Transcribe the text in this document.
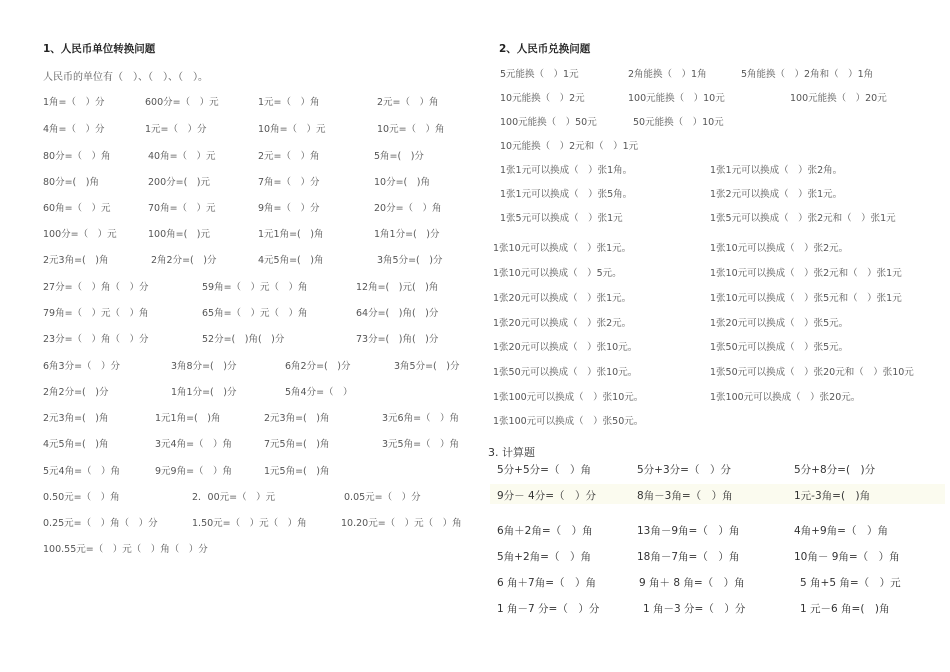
1、人民币单位转换问题
人民币的单位有（　）、（　）、（　）。
1角=（　）分	600分=（　）元	1元=（　）角	2元=（　）角
4角=（　）分	1元=（　）分	10角=（　）元	10元=（　）角
80分=（　）角	40角=（　）元	2元=（　）角	5角=(　)分
80分=(　)角	200分=(　)元	7角=（　）分	10分=(　)角
60角=（　）元	70角=（　）元	9角=（　）分	20分=（　）角
100分=（　）元	100角=(　)元	1元1角=(　)角	1角1分=(　)分
2元3角=(　)角	2角2分=(　)分	4元5角=(　)角	3角5分=(　)分
27分=（　）角（　）分	59角=（　）元（　）角	12角=(　)元(　)角
79角=（　）元（　）角	65角=（　）元（　）角	64分=(　)角(　)分
23分=（　）角（　）分	52分=(　)角(　)分	73分=(　)角(　)分
6角3分=（　）分	3角8分=(　)分	6角2分=(　)分	3角5分=(　)分
2角2分=(　)分	1角1分=(　)分	5角4分=（　）
2元3角=(　)角	1元1角=(　)角	2元3角=(　)角	3元6角=（　）角
4元5角=(　)角	3元4角=（　）角	7元5角=(　)角	3元5角=（　）角
5元4角=（　）角	9元9角=（　）角	1元5角=(　)角
0.50元=（　）角	2．00元=（　）元	0.05元=（　）分
0.25元=（　）角（　）分	1.50元=（　）元（　）角	10.20元=（　）元（　）角
100.55元=（　）元（　）角（　）分
2、人民币兑换问题
5元能换（　）1元	2角能换（　）1角	5角能换（　）2角和（　）1角
10元能换（　）2元	100元能换（　）10元	100元能换（　）20元
100元能换（　）50元	50元能换（　）10元
10元能换（　）2元和（　）1元
1张1元可以换成（　）张1角。	1张1元可以换成（　）张2角。
1张1元可以换成（　）张5角。	1张2元可以换成（　）张1元。
1张5元可以换成（　）张1元	1张5元可以换成（　）张2元和（　）张1元
1张10元可以换成（　）张1元。	1张10元可以换成（　）张2元。
1张10元可以换成（　）5元。	1张10元可以换成（　）张2元和（　）张1元
1张20元可以换成（　）张1元。	1张10元可以换成（　）张5元和（　）张1元
1张20元可以换成（　）张2元。	1张20元可以换成（　）张5元。
1张20元可以换成（　）张10元。	1张50元可以换成（　）张5元。
1张50元可以换成（　）张10元。	1张50元可以换成（　）张20元和（　）张10元
1张100元可以换成（　）张10元。	1张100元可以换成（　）张20元。
1张100元可以换成（　）张50元。
3. 计算题
5分+5分=（　）角	5分+3分=（　）分	5分+8分=(　)分
9分－ 4分=（　）分	8角－3角=（　）角	1元-3角=(　)角
6角＋2角=（　）角	13角－9角=（　）角	4角+9角=（　）角
5角+2角=（　）角	18角－7角=（　）角	10角－ 9角=（　）角
6 角＋7角=（　）角	9 角＋ 8 角=（　）角	5 角+5 角=（　）元
1 角－7 分=（　）分	1 角－3 分=（　）分	1 元－6 角=(　)角
